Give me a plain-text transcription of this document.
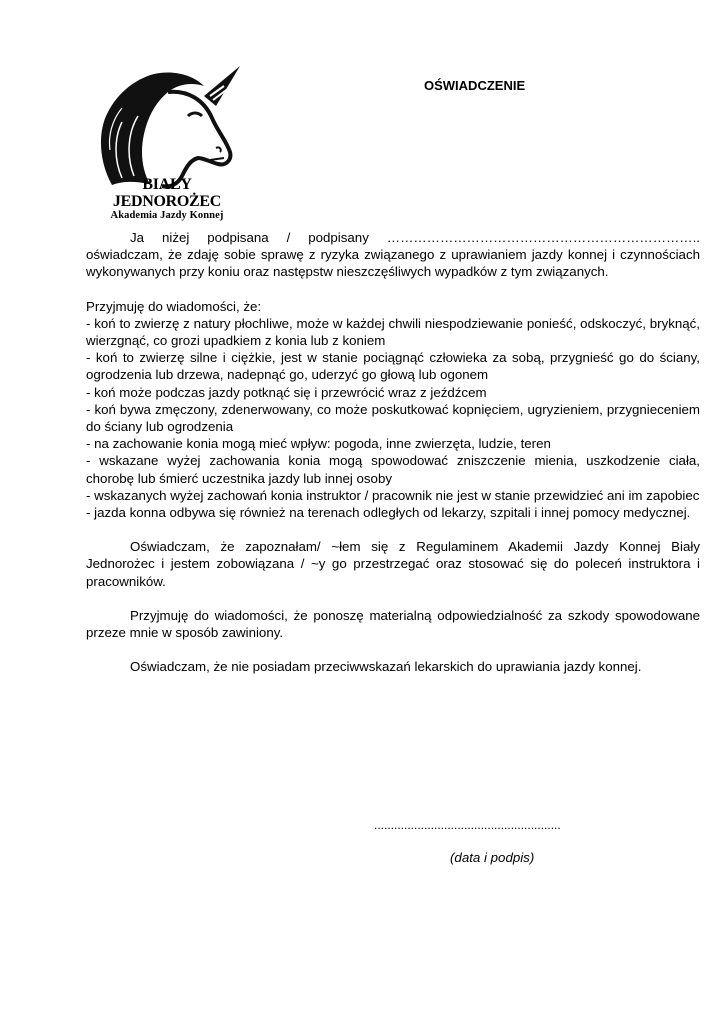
BIAŁY JEDNOROŻEC
Akademia Jazdy Konnej
OŚWIADCZENIE

Ja niżej podpisana / podpisany …………………………………………………………….. oświadczam, że zdaję sobie sprawę z ryzyka związanego z uprawianiem jazdy konnej i czynnościach wykonywanych przy koniu oraz następstw nieszczęśliwych wypadków z tym związanych.

Przyjmuję do wiadomości, że:

- koń to zwierzę z natury płochliwe, może w każdej chwili niespodziewanie ponieść, odskoczyć, bryknąć, wierzgnąć, co grozi upadkiem z konia lub z koniem

- koń to zwierzę silne i ciężkie, jest w stanie pociągnąć człowieka za sobą, przygnieść go do ściany, ogrodzenia lub drzewa, nadepnąć go, uderzyć go głową lub ogonem

- koń może podczas jazdy potknąć się i przewrócić wraz z jeźdźcem

- koń bywa zmęczony, zdenerwowany, co może poskutkować kopnięciem, ugryzieniem, przygnieceniem do ściany lub ogrodzenia

- na zachowanie konia mogą mieć wpływ: pogoda, inne zwierzęta, ludzie, teren

- wskazane wyżej zachowania konia mogą spowodować zniszczenie mienia, uszkodzenie ciała, chorobę lub śmierć uczestnika jazdy lub innej osoby

- wskazanych wyżej zachowań konia instruktor / pracownik nie jest w stanie przewidzieć ani im zapobiec

- jazda konna odbywa się również na terenach odległych od lekarzy, szpitali i innej pomocy medycznej.

Oświadczam, że zapoznałam/ ~łem się z Regulaminem Akademii Jazdy Konnej Biały Jednorożec i jestem zobowiązana / ~y go przestrzegać oraz stosować się do poleceń instruktora i pracowników.

Przyjmuję do wiadomości, że ponoszę materialną odpowiedzialność za szkody spowodowane przeze mnie w sposób zawiniony.

Oświadczam, że nie posiadam przeciwwskazań lekarskich do uprawiania jazdy konnej.

........................................................
(data i podpis)
